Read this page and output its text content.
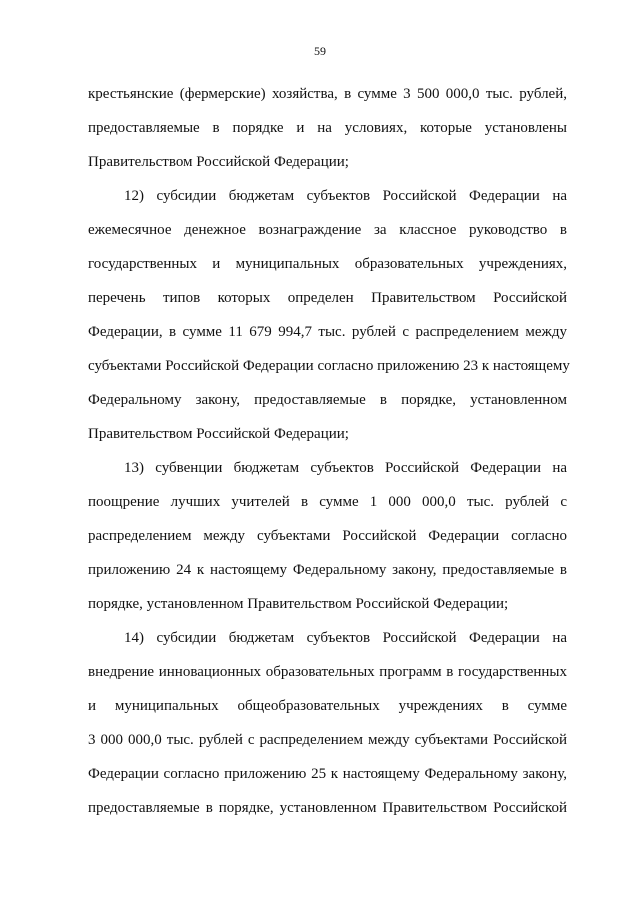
59
крестьянские (фермерские) хозяйства, в сумме 3 500 000,0 тыс. рублей,
предоставляемые в порядке и на условиях, которые установлены
Правительством Российской Федерации;
12) субсидии бюджетам субъектов Российской Федерации на
ежемесячное денежное вознаграждение за классное руководство в
государственных и муниципальных образовательных учреждениях,
перечень типов которых определен Правительством Российской
Федерации, в сумме 11 679 994,7 тыс. рублей с распределением между
субъектами Российской Федерации согласно приложению 23 к настоящему
Федеральному закону, предоставляемые в порядке, установленном
Правительством Российской Федерации;
13) субвенции бюджетам субъектов Российской Федерации на
поощрение лучших учителей в сумме 1 000 000,0 тыс. рублей с
распределением между субъектами Российской Федерации согласно
приложению 24 к настоящему Федеральному закону, предоставляемые в
порядке, установленном Правительством Российской Федерации;
14) субсидии бюджетам субъектов Российской Федерации на
внедрение инновационных образовательных программ в государственных
и муниципальных общеобразовательных учреждениях в сумме
3 000 000,0 тыс. рублей с распределением между субъектами Российской
Федерации согласно приложению 25 к настоящему Федеральному закону,
предоставляемые в порядке, установленном Правительством Российской
